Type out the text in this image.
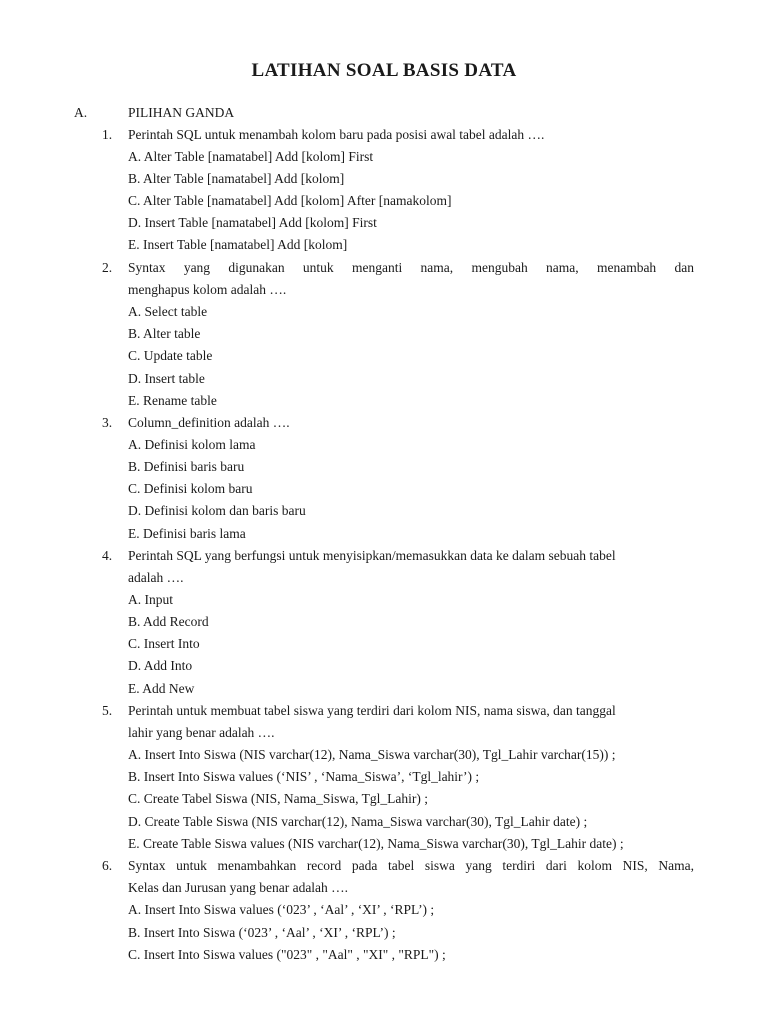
LATIHAN SOAL BASIS DATA
A.	PILIHAN GANDA
1. Perintah SQL untuk menambah kolom baru pada posisi awal tabel adalah ….
A. Alter Table [namatabel] Add [kolom] First
B. Alter Table [namatabel] Add [kolom]
C. Alter Table [namatabel] Add [kolom] After [namakolom]
D. Insert Table [namatabel] Add [kolom] First
E. Insert Table [namatabel] Add [kolom]
2. Syntax yang digunakan untuk menganti nama, mengubah nama, menambah dan
menghapus kolom adalah ….
A. Select table
B. Alter table
C. Update table
D. Insert table
E. Rename table
3. Column_definition adalah ….
A. Definisi kolom lama
B. Definisi baris baru
C. Definisi kolom baru
D. Definisi kolom dan baris baru
E. Definisi baris lama
4. Perintah SQL yang berfungsi untuk menyisipkan/memasukkan data ke dalam sebuah tabel
adalah ….
A. Input
B. Add Record
C. Insert Into
D. Add Into
E. Add New
5. Perintah untuk membuat tabel siswa yang terdiri dari kolom NIS, nama siswa, dan tanggal
lahir yang benar adalah ….
A. Insert Into Siswa (NIS varchar(12), Nama_Siswa varchar(30), Tgl_Lahir varchar(15)) ;
B. Insert Into Siswa values (‘NIS’ , ‘Nama_Siswa’, ‘Tgl_lahir’) ;
C. Create Tabel Siswa (NIS, Nama_Siswa, Tgl_Lahir) ;
D. Create Table Siswa (NIS varchar(12), Nama_Siswa varchar(30), Tgl_Lahir date) ;
E. Create Table Siswa values (NIS varchar(12), Nama_Siswa varchar(30), Tgl_Lahir date) ;
6. Syntax untuk menambahkan record pada tabel siswa yang terdiri dari kolom NIS, Nama,
Kelas dan Jurusan yang benar adalah ….
A. Insert Into Siswa values (‘023’ , ‘Aal’ , ‘XI’ , ‘RPL’) ;
B. Insert Into Siswa (‘023’ , ‘Aal’ , ‘XI’ , ‘RPL’) ;
C. Insert Into Siswa values ("023" , "Aal" , "XI" , "RPL") ;
